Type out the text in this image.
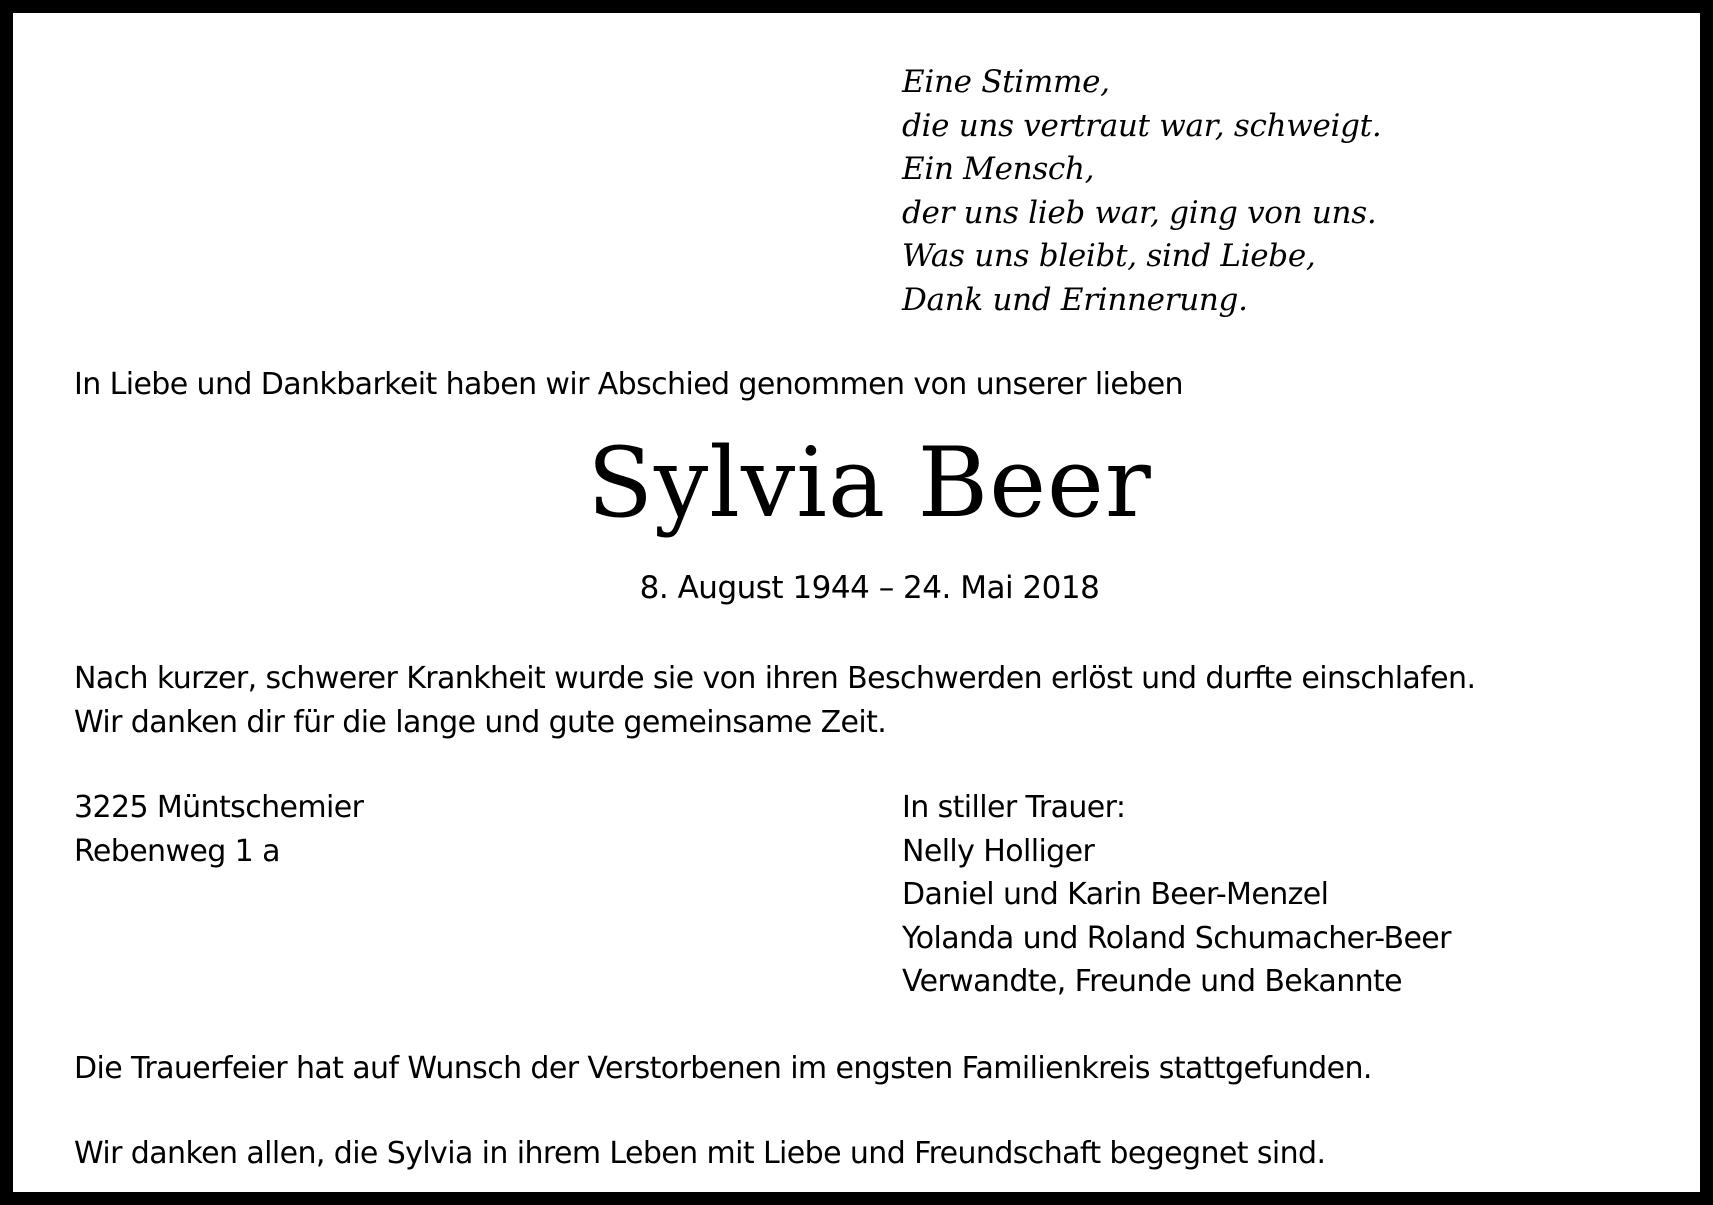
Eine Stimme,
die uns vertraut war, schweigt.
Ein Mensch,
der uns lieb war, ging von uns.
Was uns bleibt, sind Liebe,
Dank und Erinnerung.
In Liebe und Dankbarkeit haben wir Abschied genommen von unserer lieben
Sylvia Beer
8. August 1944 – 24. Mai 2018
Nach kurzer, schwerer Krankheit wurde sie von ihren Beschwerden erlöst und durfte einschlafen.
Wir danken dir für die lange und gute gemeinsame Zeit.
3225 Müntschemier
Rebenweg 1 a
In stiller Trauer:
Nelly Holliger
Daniel und Karin Beer-Menzel
Yolanda und Roland Schumacher-Beer
Verwandte, Freunde und Bekannte
Die Trauerfeier hat auf Wunsch der Verstorbenen im engsten Familienkreis stattgefunden.
Wir danken allen, die Sylvia in ihrem Leben mit Liebe und Freundschaft begegnet sind.
